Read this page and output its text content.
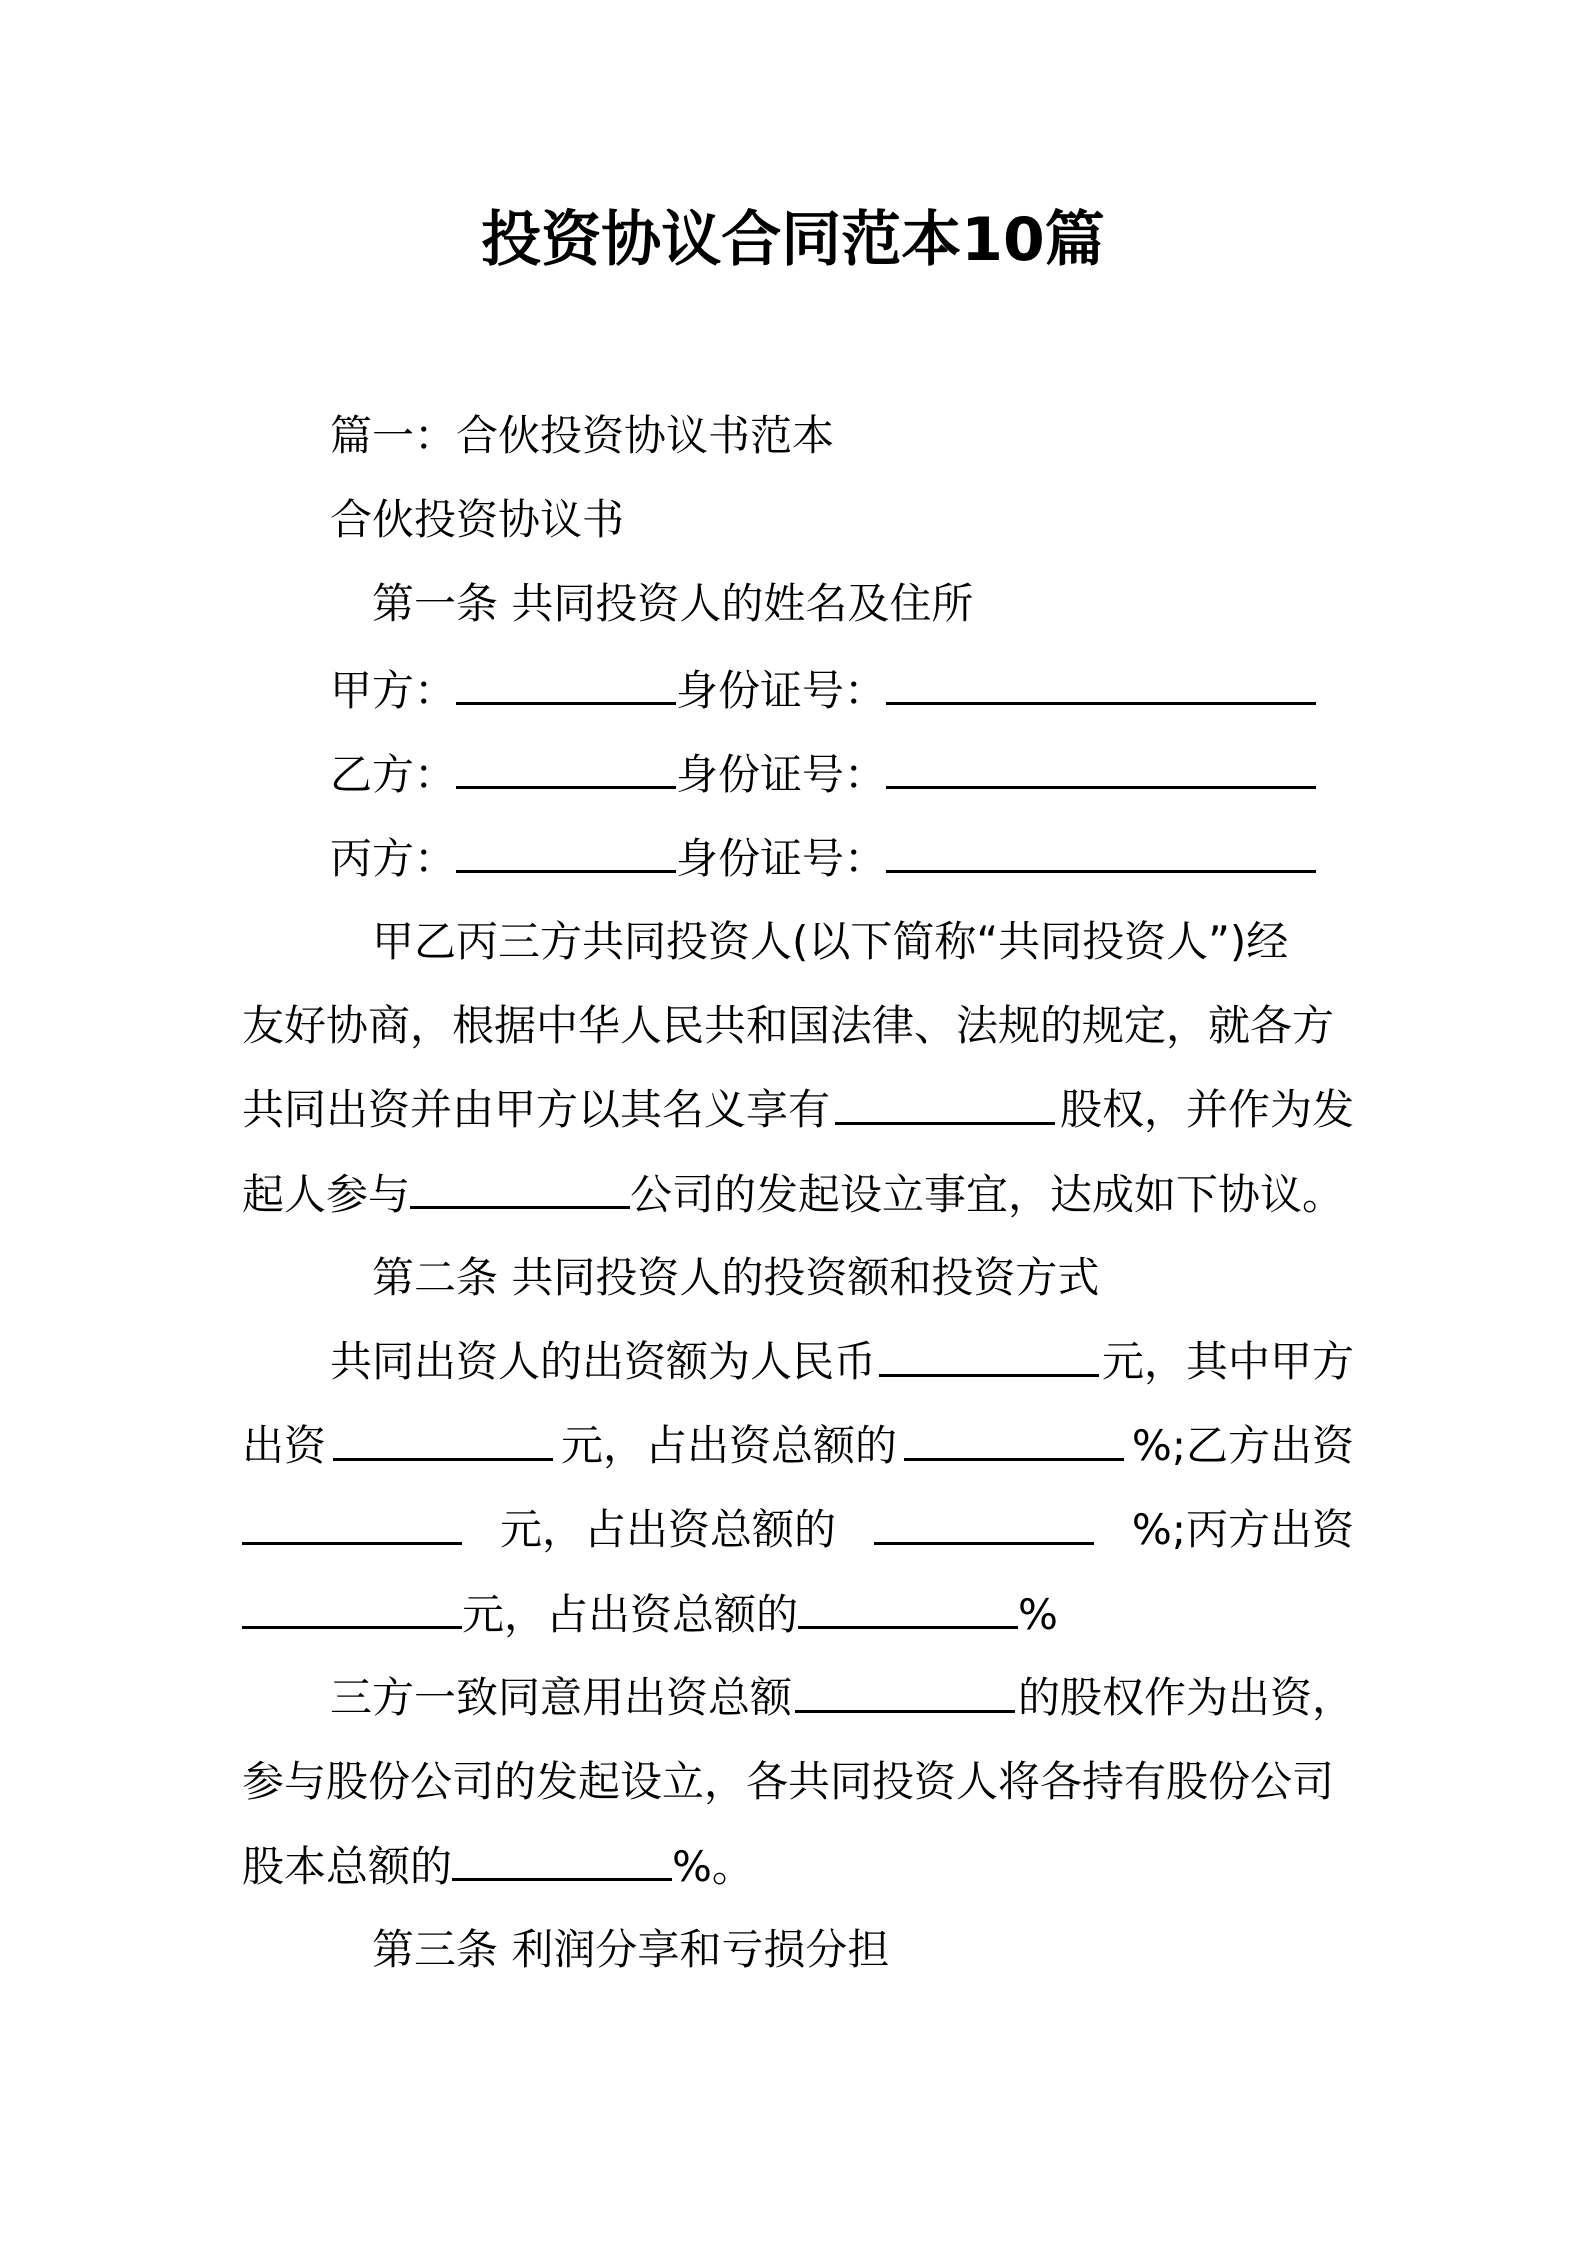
投资协议合同范本10篇
篇一：合伙投资协议书范本
合伙投资协议书
第一条 共同投资人的姓名及住所
甲方：	身份证号：
乙方：	身份证号：
丙方：	身份证号：
甲乙丙三方共同投资人(以下简称“共同投资人”)经
友好协商，根据中华人民共和国法律、法规的规定，就各方
共同出资并由甲方以其名义享有	股权，并作为发
起人参与	公司的发起设立事宜，达成如下协议。
第二条 共同投资人的投资额和投资方式
共同出资人的出资额为人民币	元，其中甲方
出资	元，占出资总额的	%;乙方出资
元，占出资总额的	%;丙方出资
元，占出资总额的	%
三方一致同意用出资总额	的股权作为出资，
参与股份公司的发起设立，各共同投资人将各持有股份公司
股本总额的	%。
第三条 利润分享和亏损分担
